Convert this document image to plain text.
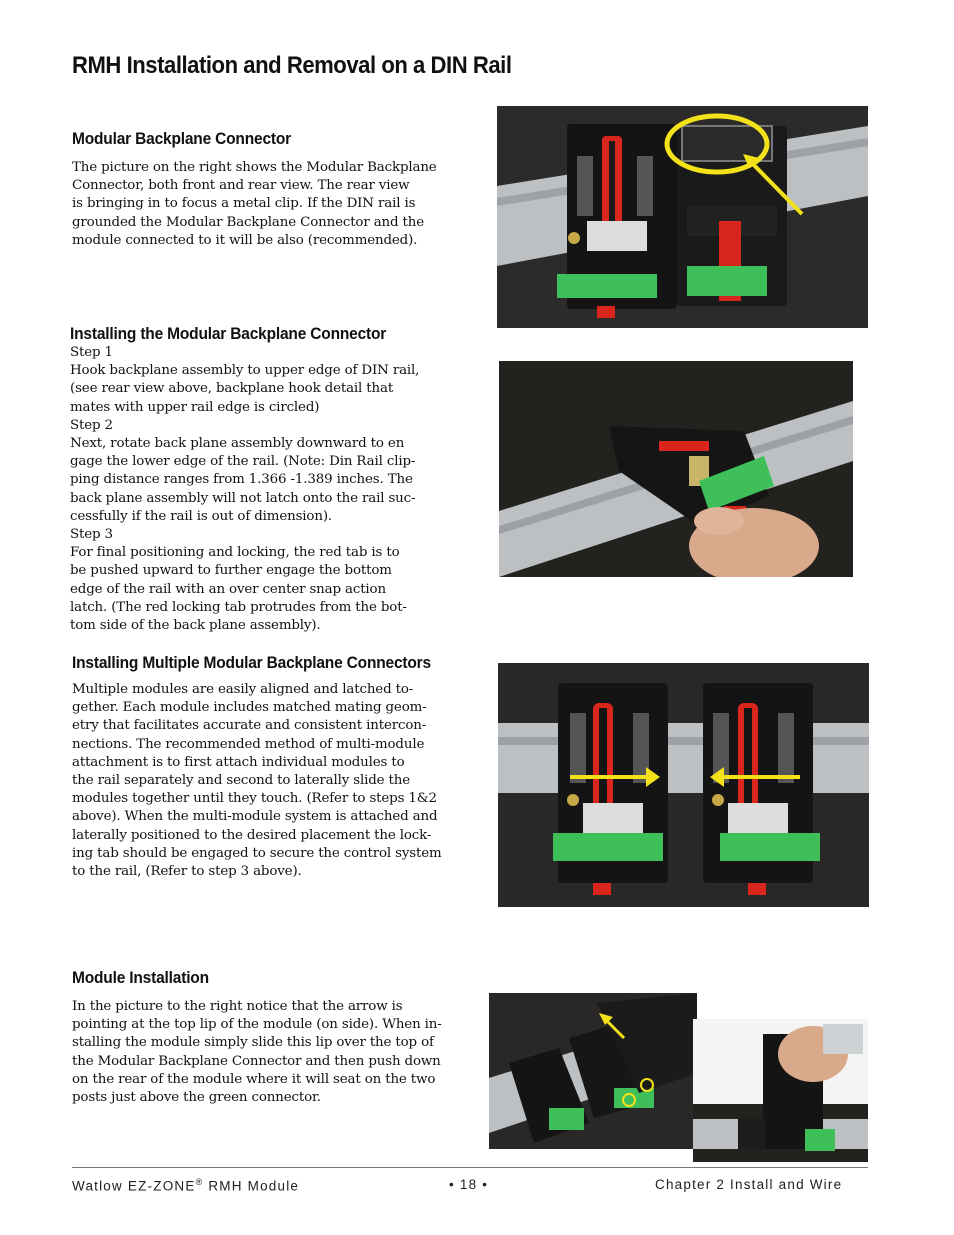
RMH Installation and Removal on a DIN Rail
Modular Backplane Connector

The picture on the right shows the Modular Backplane

Connector, both front and rear view. The rear view

is bringing in to focus a metal clip. If the DIN rail is

grounded the Modular Backplane Connector and the

module connected to it will be also (recommended).

Installing the Modular Backplane Connector

Step 1

Hook backplane assembly to upper edge of DIN rail,

(see rear view above, backplane hook detail that

mates with upper rail edge is circled)

Step 2

Next, rotate back plane assembly downward to en

gage the lower edge of the rail. (Note: Din Rail clip-

ping distance ranges from 1.366 -1.389 inches. The

back plane assembly will not latch onto the rail suc-

cessfully if the rail is out of dimension).

Step 3

For final positioning and locking, the red tab is to

be pushed upward to further engage the bottom

edge of the rail with an over center snap action

latch. (The red locking tab protrudes from the bot-

tom side of the back plane assembly).

Installing Multiple Modular Backplane Connectors

Multiple modules are easily aligned and latched to-

gether. Each module includes matched mating geom-

etry that facilitates accurate and consistent intercon-

nections. The recommended method of multi-module

attachment is to first attach individual modules to

the rail separately and second to laterally slide the

modules together until they touch. (Refer to steps 1&2

above). When the multi-module system is attached and

laterally positioned to the desired placement the lock-

ing tab should be engaged to secure the control system

to the rail, (Refer to step 3 above).

Module Installation

In the picture to the right notice that the arrow is

pointing at the top lip of the module (on side). When in-

stalling the module simply slide this lip over the top of

the Modular Backplane Connector and then push down

on the rear of the module where it will seat on the two

posts just above the green connector.

Watlow EZ-ZONE® RMH Module	• 18 •	Chapter 2 Install and Wire
